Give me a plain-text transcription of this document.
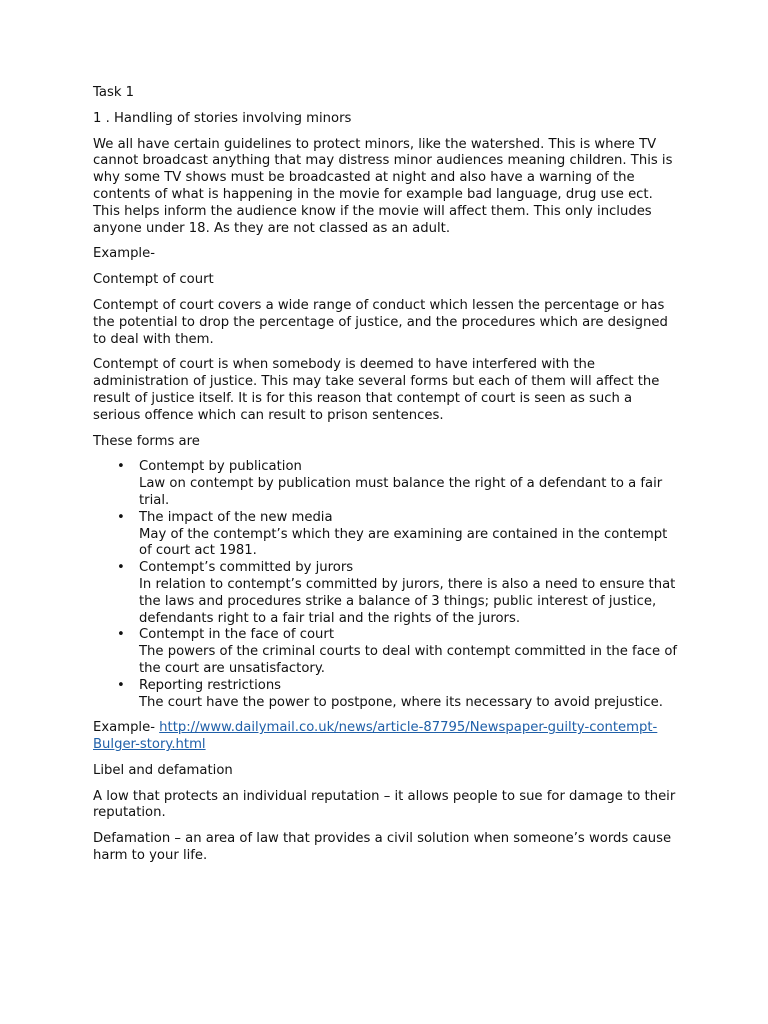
Task 1

1 . Handling of stories involving minors

We all have certain guidelines to protect minors, like the watershed. This is where TV cannot broadcast anything that may distress minor audiences meaning children. This is why some TV shows must be broadcasted at night and also have a warning of the contents of what is happening in the movie for example bad language, drug use ect. This helps inform the audience know if the movie will affect them. This only includes anyone under 18. As they are not classed as an adult.

Example-

Contempt of court

Contempt of court covers a wide range of conduct which lessen the percentage or has the potential to drop the percentage of justice, and the procedures which are designed to deal with them.

Contempt of court is when somebody is deemed to have interfered with the administration of justice. This may take several forms but each of them will affect the result of justice itself. It is for this reason that contempt of court is seen as such a serious offence which can result to prison sentences.

These forms are

• Contempt by publication
Law on contempt by publication must balance the right of a defendant to a fair trial.
• The impact of the new media
May of the contempt’s which they are examining are contained in the contempt of court act 1981.
• Contempt’s committed by jurors
In relation to contempt’s committed by jurors, there is also a need to ensure that the laws and procedures strike a balance of 3 things; public interest of justice, defendants right to a fair trial and the rights of the jurors.
• Contempt in the face of court
The powers of the criminal courts to deal with contempt committed in the face of the court are unsatisfactory.
• Reporting restrictions
The court have the power to postpone, where its necessary to avoid prejustice.

Example- http://www.dailymail.co.uk/news/article-87795/Newspaper-guilty-contempt-Bulger-story.html

Libel and defamation

A low that protects an individual reputation – it allows people to sue for damage to their reputation.

Defamation – an area of law that provides a civil solution when someone’s words cause harm to your life.
